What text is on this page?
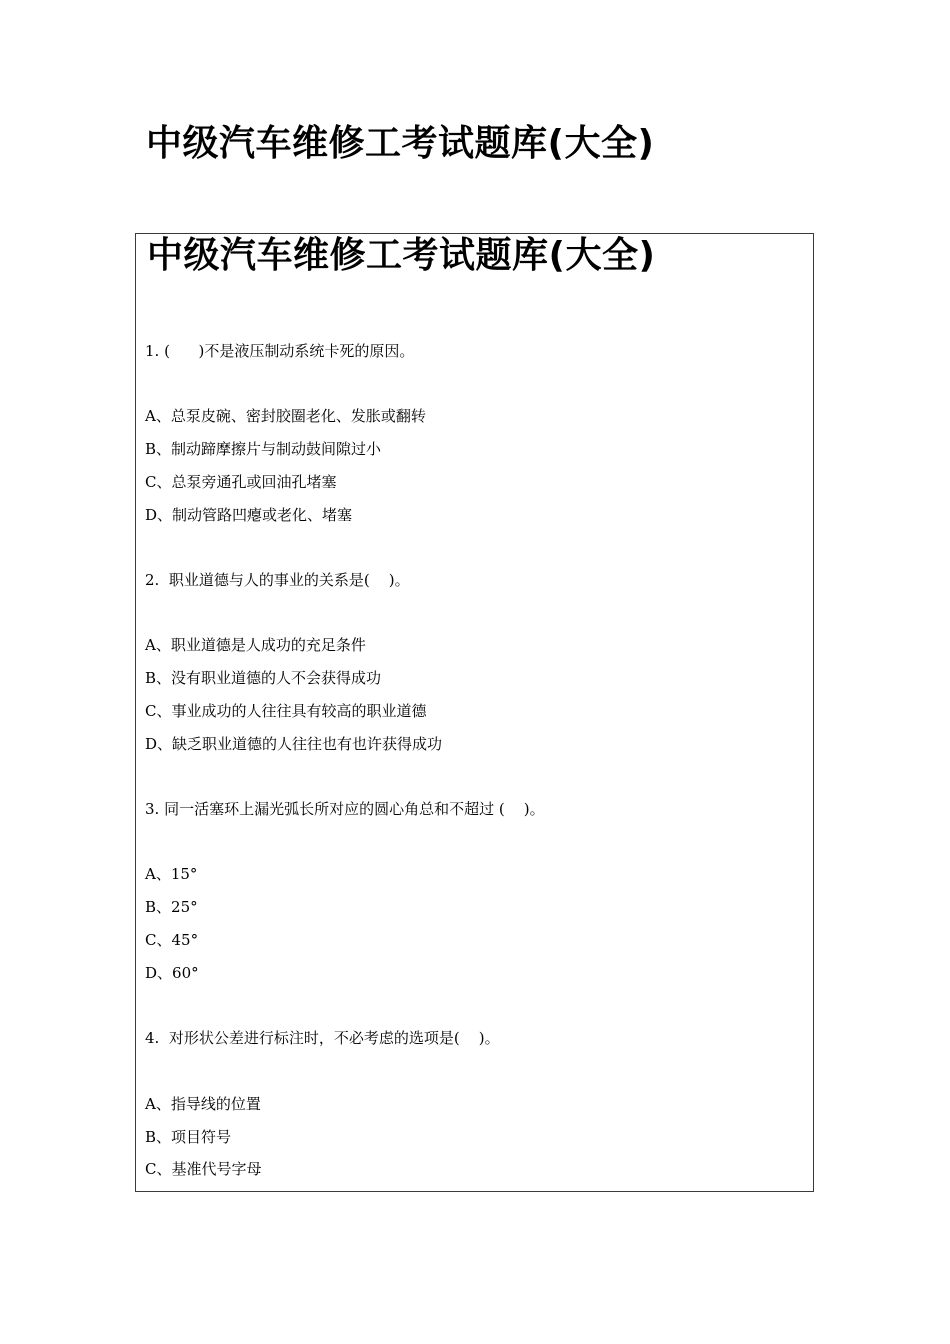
中级汽车维修工考试题库(大全)
中级汽车维修工考试题库(大全)

1. (      )不是液压制动系统卡死的原因。

A、总泵皮碗、密封胶圈老化、发胀或翻转

B、制动蹄摩擦片与制动鼓间隙过小

C、总泵旁通孔或回油孔堵塞

D、制动管路凹瘪或老化、堵塞

2.  职业道德与人的事业的关系是(    )。

A、职业道德是人成功的充足条件

B、没有职业道德的人不会获得成功

C、事业成功的人往往具有较高的职业道德

D、缺乏职业道德的人往往也有也许获得成功

3. 同一活塞环上漏光弧长所对应的圆心角总和不超过 (    )。

A、15°

B、25°

C、45°

D、60°

4.  对形状公差进行标注时，不必考虑的选项是(    )。

A、指导线的位置

B、项目符号

C、基准代号字母
